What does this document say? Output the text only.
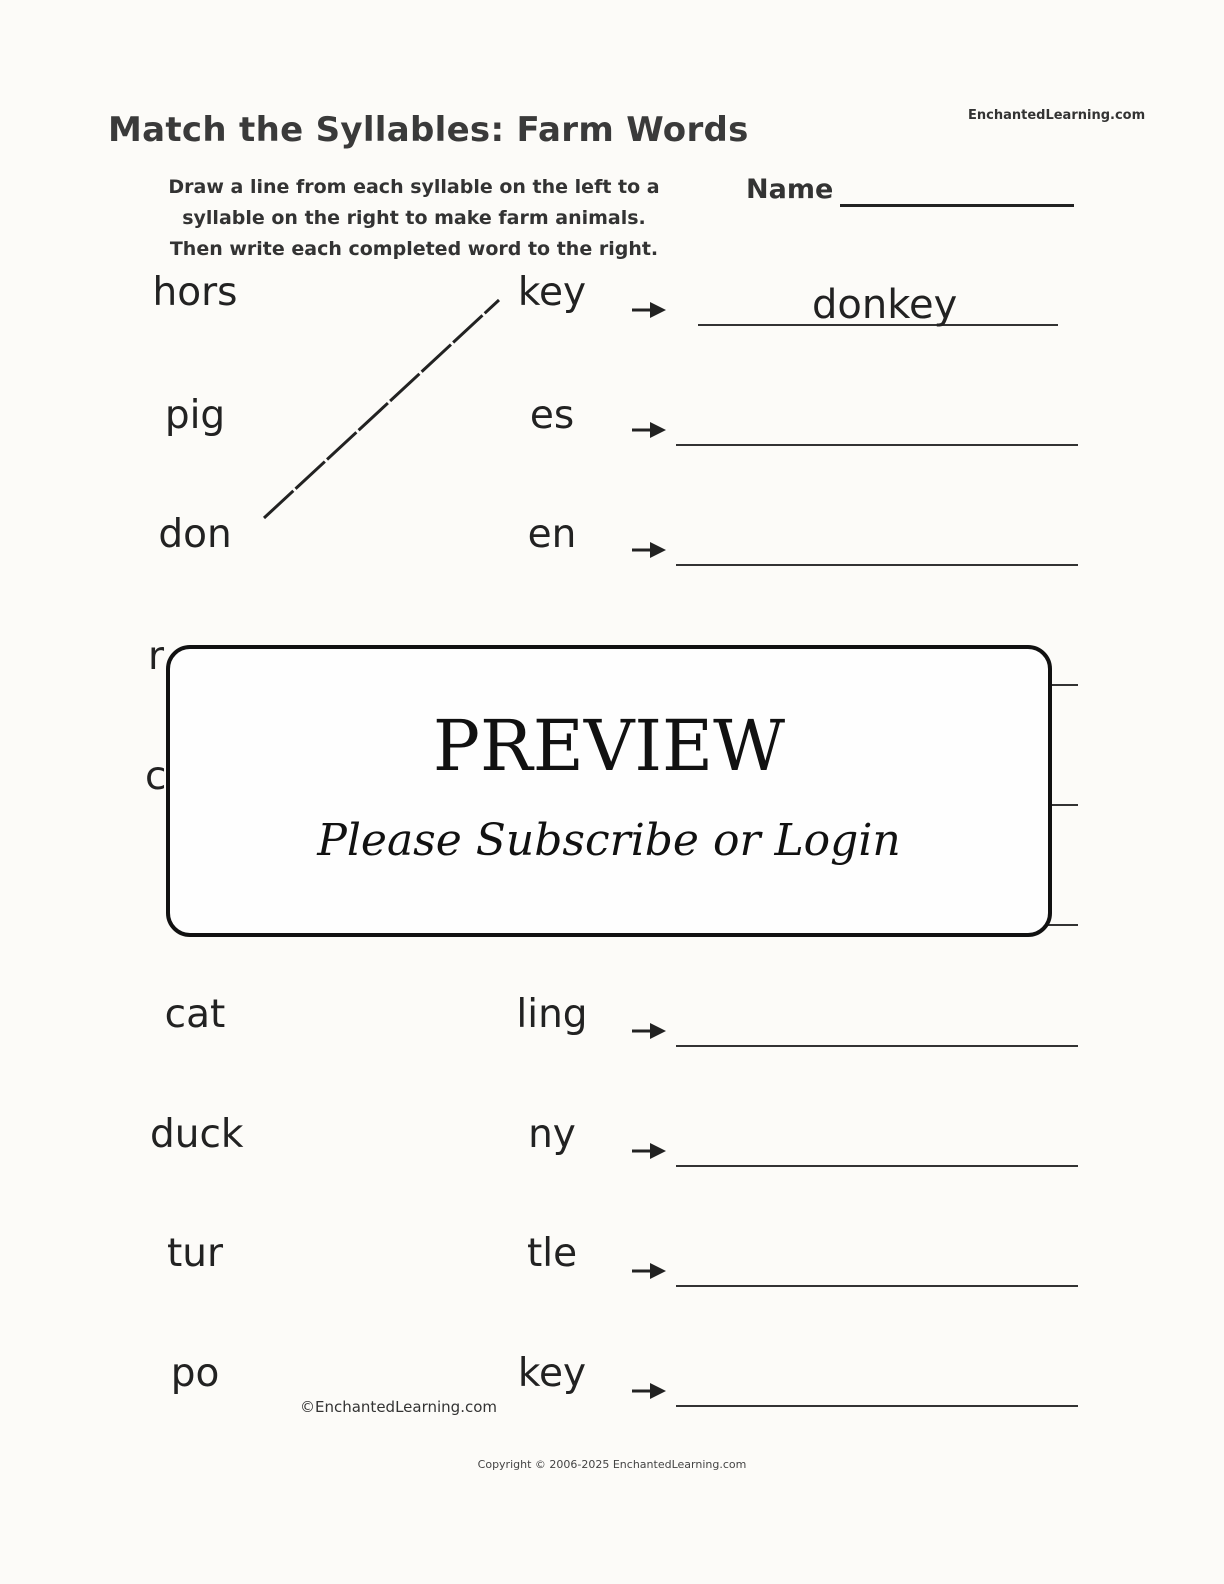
Match the Syllables: Farm Words	EnchantedLearning.com
Draw a line from each syllable on the left to a
syllable on the right to make farm animals.
Then write each completed word to the right.
Name
hors	key	donkey
pig	es
don	en
r
c
cat	ling
duck	ny
tur	tle
po	key
PREVIEW
Please Subscribe or Login
©EnchantedLearning.com
Copyright © 2006-2025 EnchantedLearning.com
